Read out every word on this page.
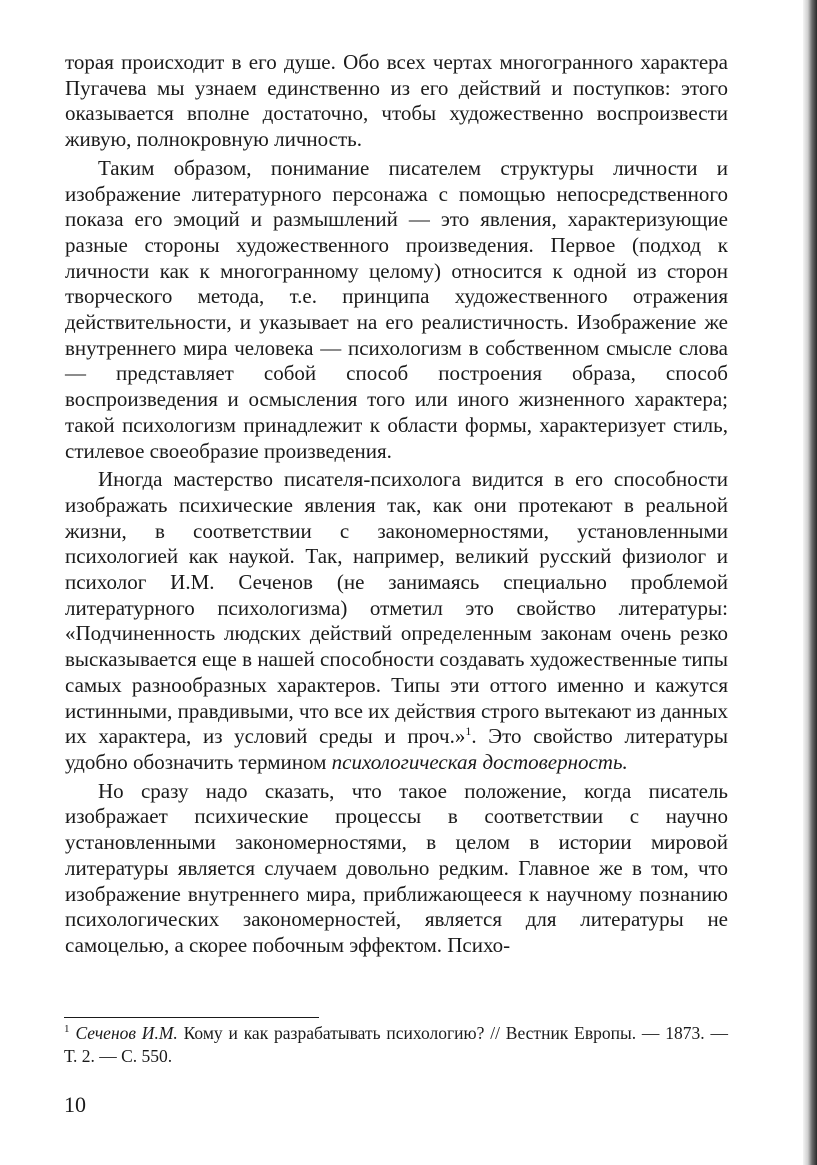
торая происходит в его душе. Обо всех чертах многогранного характера Пугачева мы узнаем единственно из его действий и поступков: этого оказывается вполне достаточно, чтобы художественно воспроизвести живую, полнокровную личность.

Таким образом, понимание писателем структуры личности и изображение литературного персонажа с помощью непосредственного показа его эмоций и размышлений — это явления, характеризующие разные стороны художественного произведения. Первое (подход к личности как к многогранному целому) относится к одной из сторон творческого метода, т.е. принципа художественного отражения действительности, и указывает на его реалистичность. Изображение же внутреннего мира человека — психологизм в собственном смысле слова — представляет собой способ построения образа, способ воспроизведения и осмысления того или иного жизненного характера; такой психологизм принадлежит к области формы, характеризует стиль, стилевое своеобразие произведения.

Иногда мастерство писателя-психолога видится в его способности изображать психические явления так, как они протекают в реальной жизни, в соответствии с закономерностями, установленными психологией как наукой. Так, например, великий русский физиолог и психолог И.М. Сеченов (не занимаясь специально проблемой литературного психологизма) отметил это свойство литературы: «Подчиненность людских действий определенным законам очень резко высказывается еще в нашей способности создавать художественные типы самых разнообразных характеров. Типы эти оттого именно и кажутся истинными, правдивыми, что все их действия строго вытекают из данных их характера, из условий среды и проч.»$^1$. Это свойство литературы удобно обозначить термином психологическая достоверность.

Но сразу надо сказать, что такое положение, когда писатель изображает психические процессы в соответствии с научно установленными закономерностями, в целом в истории мировой литературы является случаем довольно редким. Главное же в том, что изображение внутреннего мира, приближающееся к научному познанию психологических закономерностей, является для литературы не самоцелью, а скорее побочным эффектом. Психо-

$^1$ Сеченов И.М. Кому и как разрабатывать психологию? // Вестник Европы. — 1873. — Т. 2. — С. 550.
10
